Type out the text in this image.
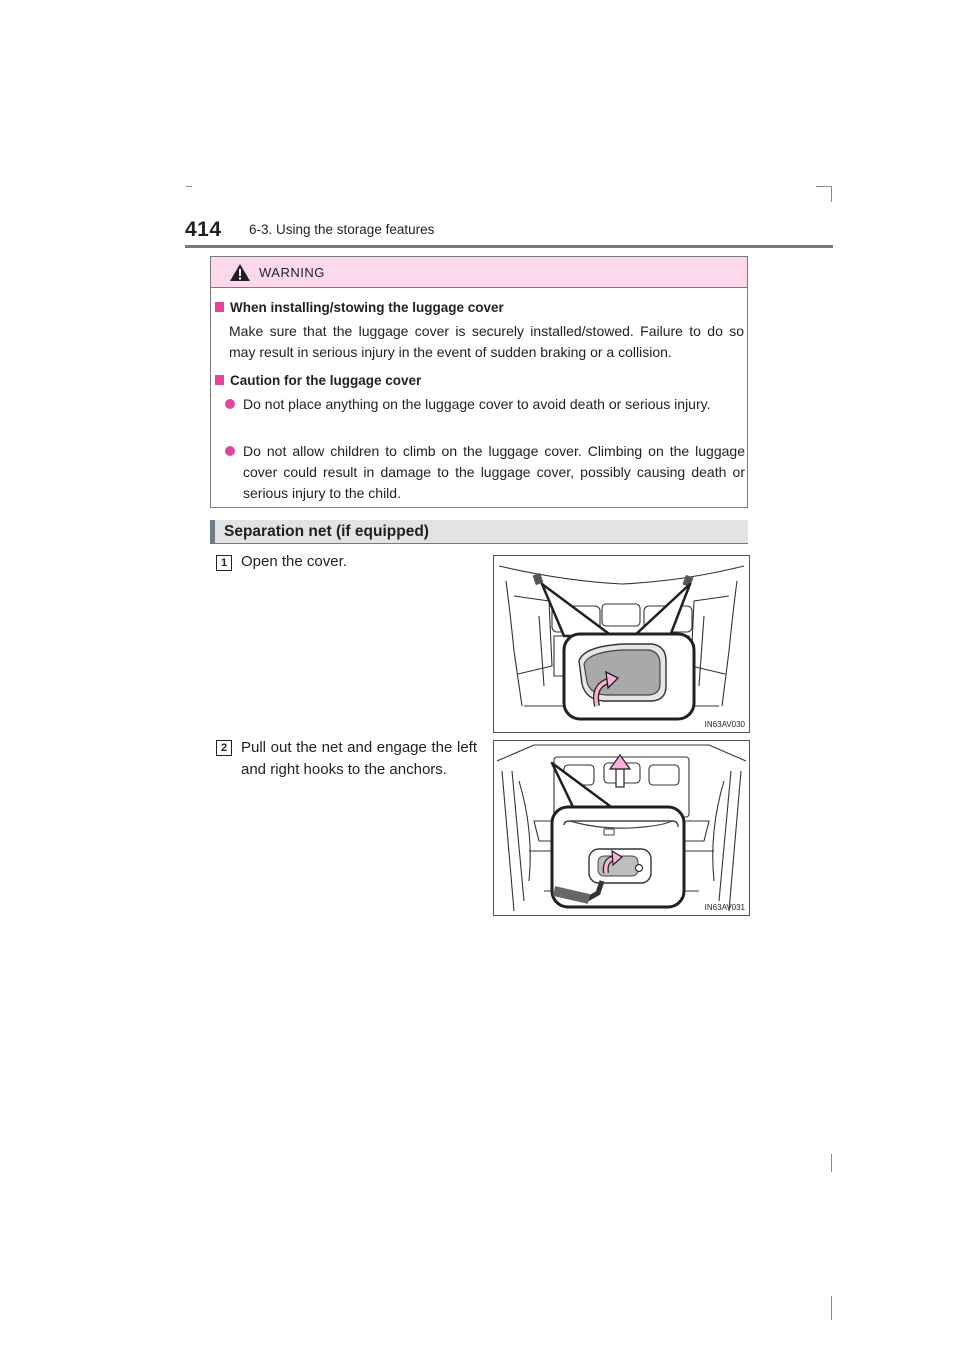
414 6-3. Using the storage features
WARNING
When installing/stowing the luggage cover
Make sure that the luggage cover is securely installed/stowed. Failure to do so may result in serious injury in the event of sudden braking or a collision.
Caution for the luggage cover
Do not place anything on the luggage cover to avoid death or serious injury.
Do not allow children to climb on the luggage cover. Climbing on the luggage cover could result in damage to the luggage cover, possibly causing death or serious injury to the child.
Separation net (if equipped)
1 Open the cover.
IN63AV030
2 Pull out the net and engage the left and right hooks to the anchors.
IN63AV031
